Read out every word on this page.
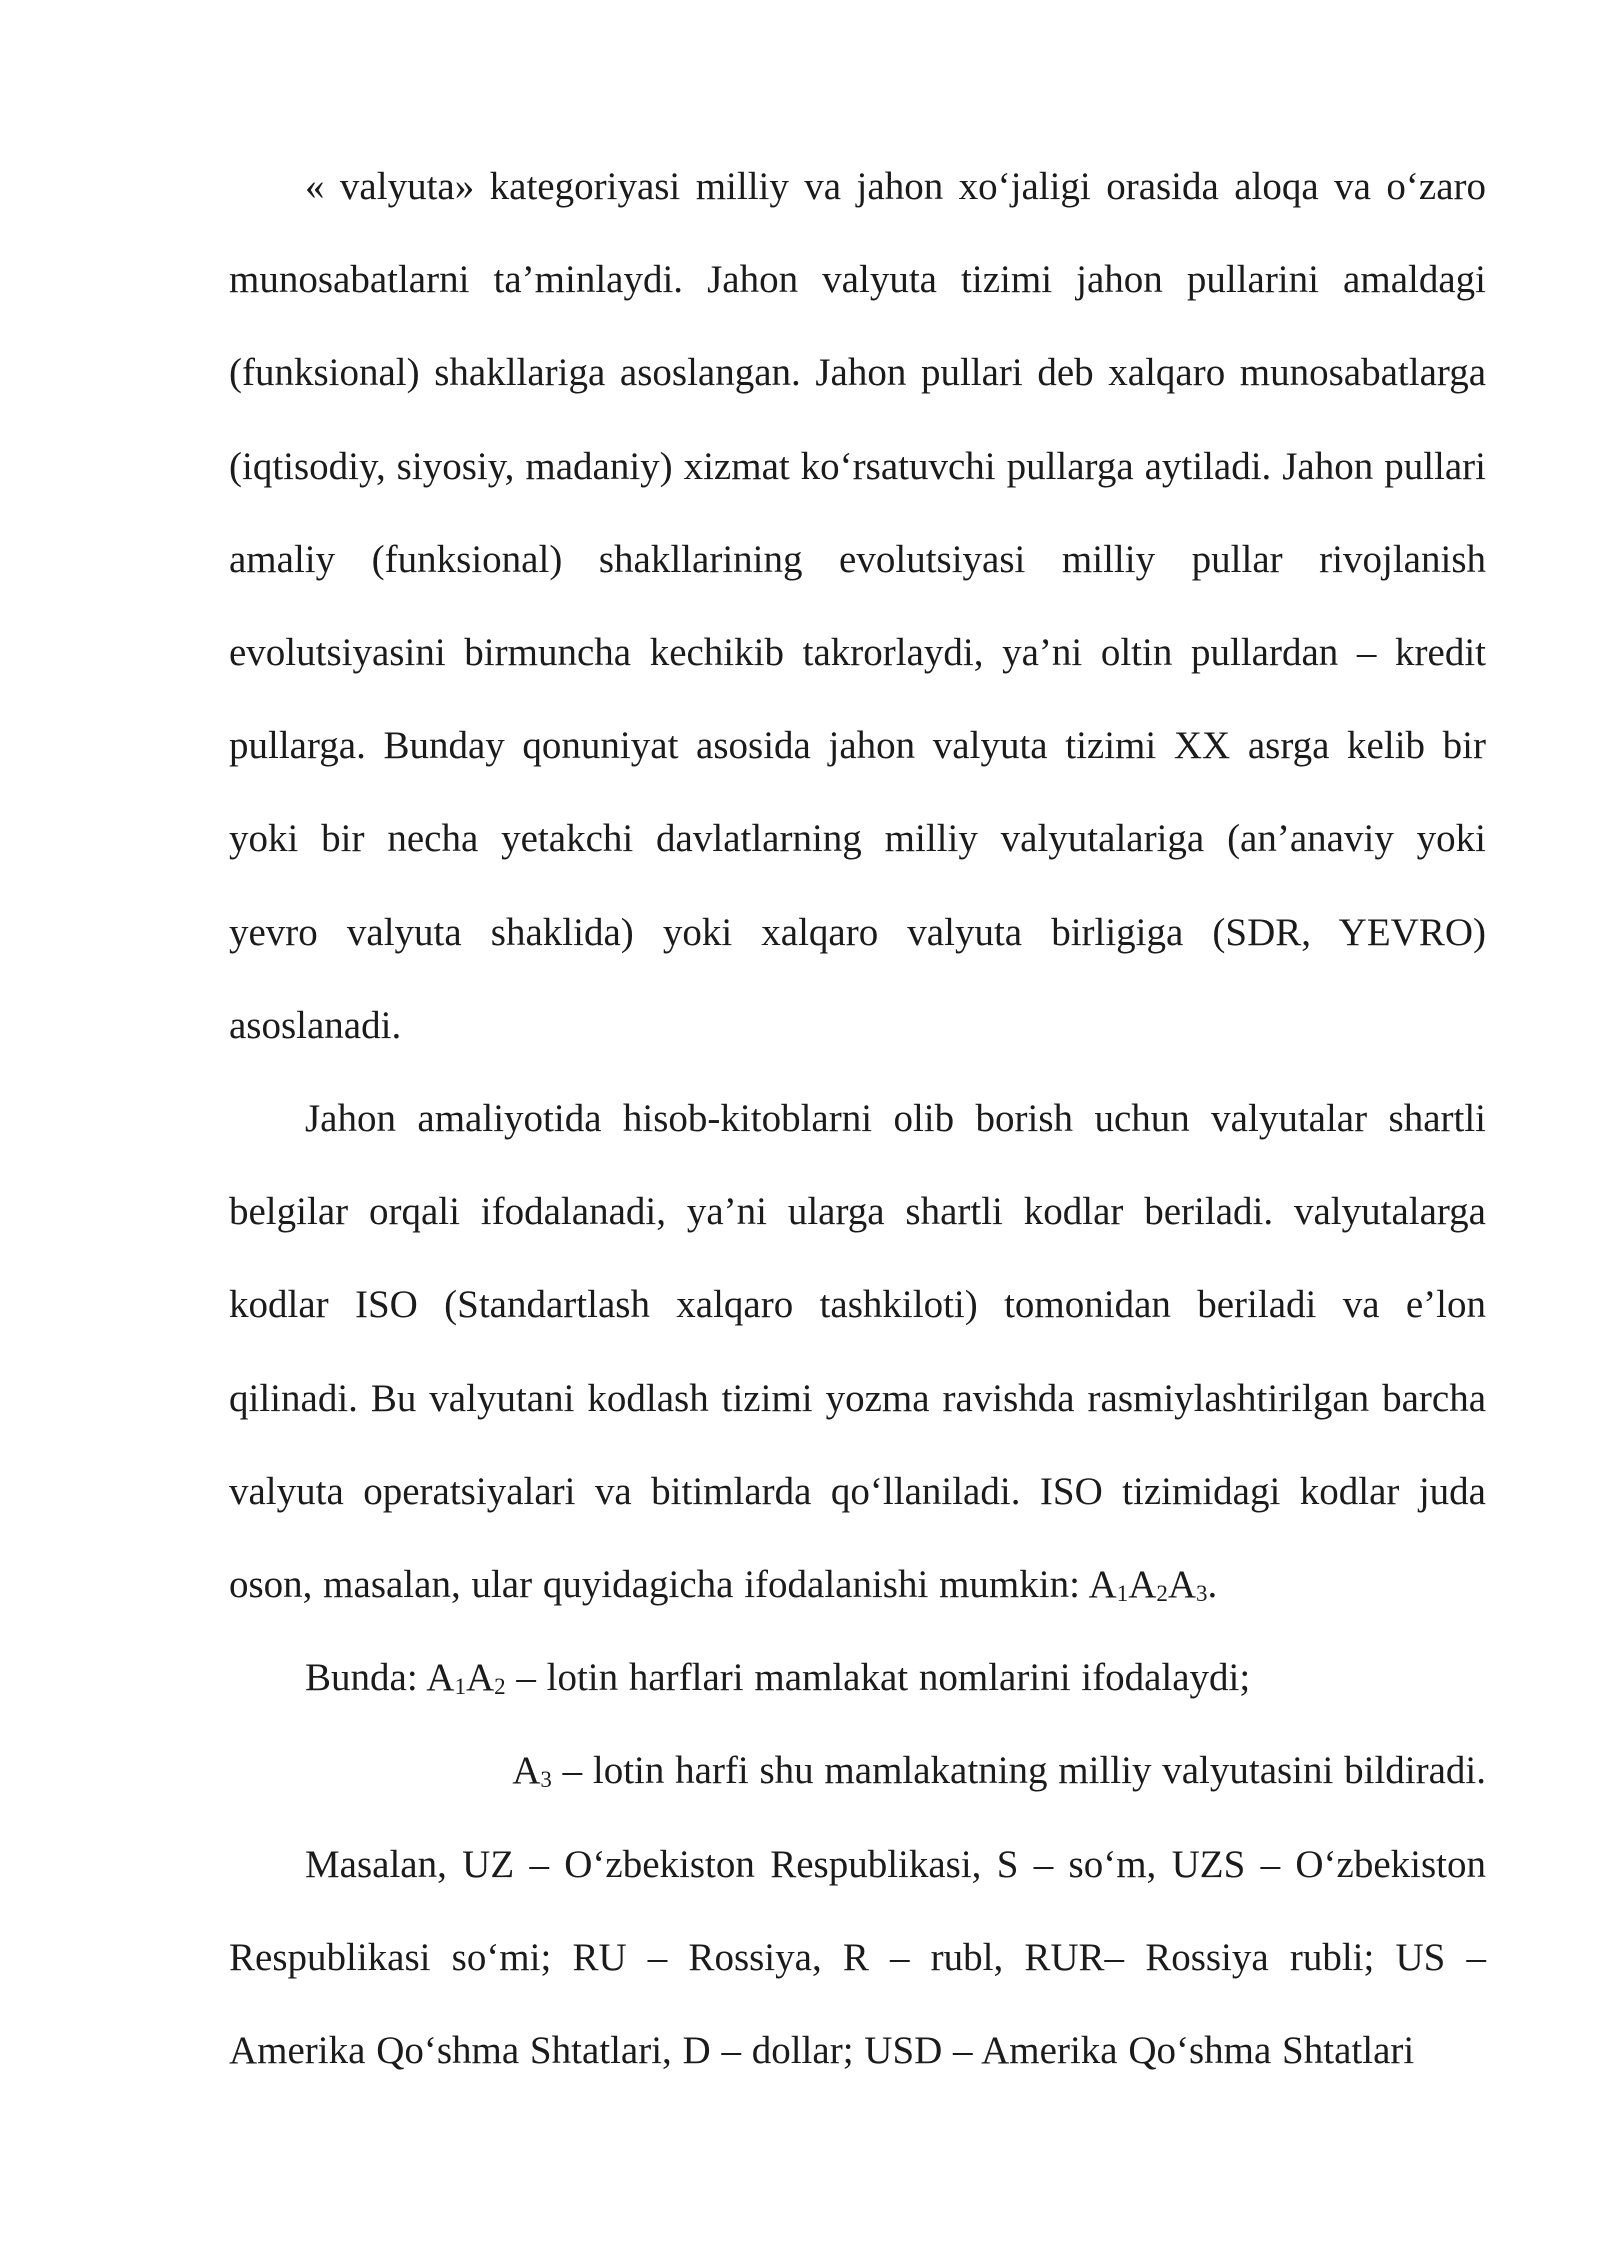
« valyuta» kategoriyasi milliy va jahon xo‘jaligi orasida aloqa va o‘zaro munosabatlarni ta’minlaydi. Jahon valyuta tizimi jahon pullarini amaldagi (funksional) shakllariga asoslangan. Jahon pullari deb xalqaro munosabatlarga (iqtisodiy, siyosiy, madaniy) xizmat ko‘rsatuvchi pullarga aytiladi. Jahon pullari amaliy (funksional) shakllarining evolutsiyasi milliy pullar rivojlanish evolutsiyasini birmuncha kechikib takrorlaydi, ya’ni oltin pullardan – kredit pullarga. Bunday qonuniyat asosida jahon valyuta tizimi XX asrga kelib bir yoki bir necha yetakchi davlatlarning milliy valyutalariga (an’anaviy yoki yevro valyuta shaklida) yoki xalqaro valyuta birligiga (SDR, YEVRO) asoslanadi.

Jahon amaliyotida hisob-kitoblarni olib borish uchun valyutalar shartli belgilar orqali ifodalanadi, ya’ni ularga shartli kodlar beriladi. valyutalarga kodlar ISO (Standartlash xalqaro tashkiloti) tomonidan beriladi va e’lon qilinadi. Bu valyutani kodlash tizimi yozma ravishda rasmiylashtirilgan barcha valyuta operatsiyalari va bitimlarda qo‘llaniladi. ISO tizimidagi kodlar juda oson, masalan, ular quyidagicha ifodalanishi mumkin: $A_1A_2A_3$.

Bunda: $A_1A_2$ – lotin harflari mamlakat nomlarini ifodalaydi;

$A_3$ – lotin harfi shu mamlakatning milliy valyutasini bildiradi.

Masalan, UZ – O‘zbekiston Respublikasi, S – so‘m, UZS – O‘zbekiston Respublikasi so‘mi; RU – Rossiya, R – rubl, RUR– Rossiya rubli; US – Amerika Qo‘shma Shtatlari, D – dollar; USD – Amerika Qo‘shma Shtatlari
